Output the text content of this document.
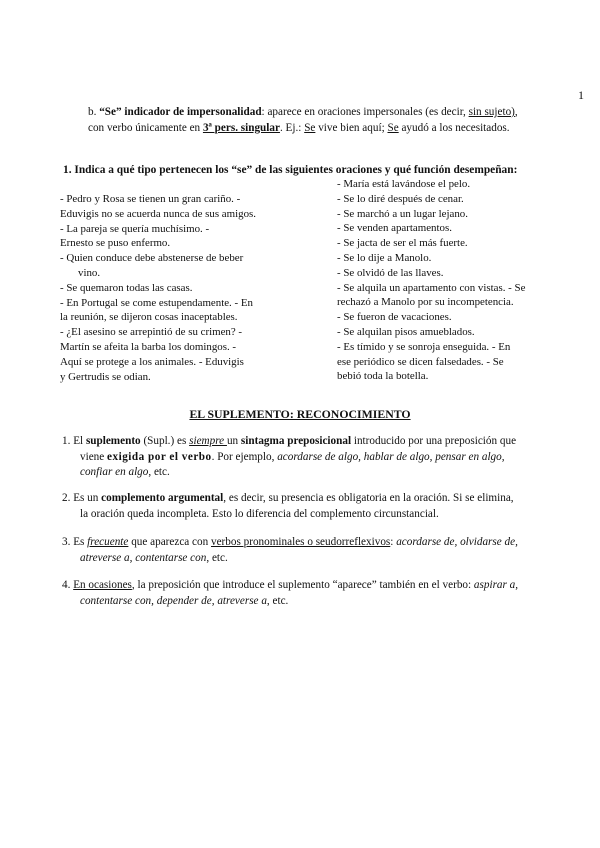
1
b. “Se” indicador de impersonalidad: aparece en oraciones impersonales (es decir, sin sujeto),
con verbo únicamente en 3ª pers. singular. Ej.: Se vive bien aquí; Se ayudó a los necesitados.
1. Indica a qué tipo pertenecen los “se” de las siguientes oraciones y qué función desempeñan:
- Pedro y Rosa se tienen un gran cariño. -
Eduvigis no se acuerda nunca de sus amigos.
- La pareja se quería muchísimo. -
Ernesto se puso enfermo.
- Quien conduce debe abstenerse de beber
vino.
- Se quemaron todas las casas.
- En Portugal se come estupendamente. - En
la reunión, se dijeron cosas inaceptables.
- ¿El asesino se arrepintió de su crimen? -
Martín se afeita la barba los domingos. -
Aquí se protege a los animales. - Eduvigis
y Gertrudis se odian.
- María está lavándose el pelo.
- Se lo diré después de cenar.
- Se marchó a un lugar lejano.
- Se venden apartamentos.
- Se jacta de ser el más fuerte.
- Se lo dije a Manolo.
- Se olvidó de las llaves.
- Se alquila un apartamento con vistas. - Se
rechazó a Manolo por su incompetencia.
- Se fueron de vacaciones.
- Se alquilan pisos amueblados.
- Es tímido y se sonroja enseguida. - En
ese periódico se dicen falsedades. - Se
bebió toda la botella.
EL SUPLEMENTO: RECONOCIMIENTO
1. El suplemento (Supl.) es siempre un sintagma preposicional introducido por una preposición que
viene exigida por el verbo. Por ejemplo, acordarse de algo, hablar de algo, pensar en algo,
confiar en algo, etc.
2. Es un complemento argumental, es decir, su presencia es obligatoria en la oración. Si se elimina,
la oración queda incompleta. Esto lo diferencia del complemento circunstancial.
3. Es frecuente que aparezca con verbos pronominales o seudorreflexivos: acordarse de, olvidarse de,
atreverse a, contentarse con, etc.
4. En ocasiones, la preposición que introduce el suplemento “aparece” también en el verbo: aspirar a,
contentarse con, depender de, atreverse a, etc.
